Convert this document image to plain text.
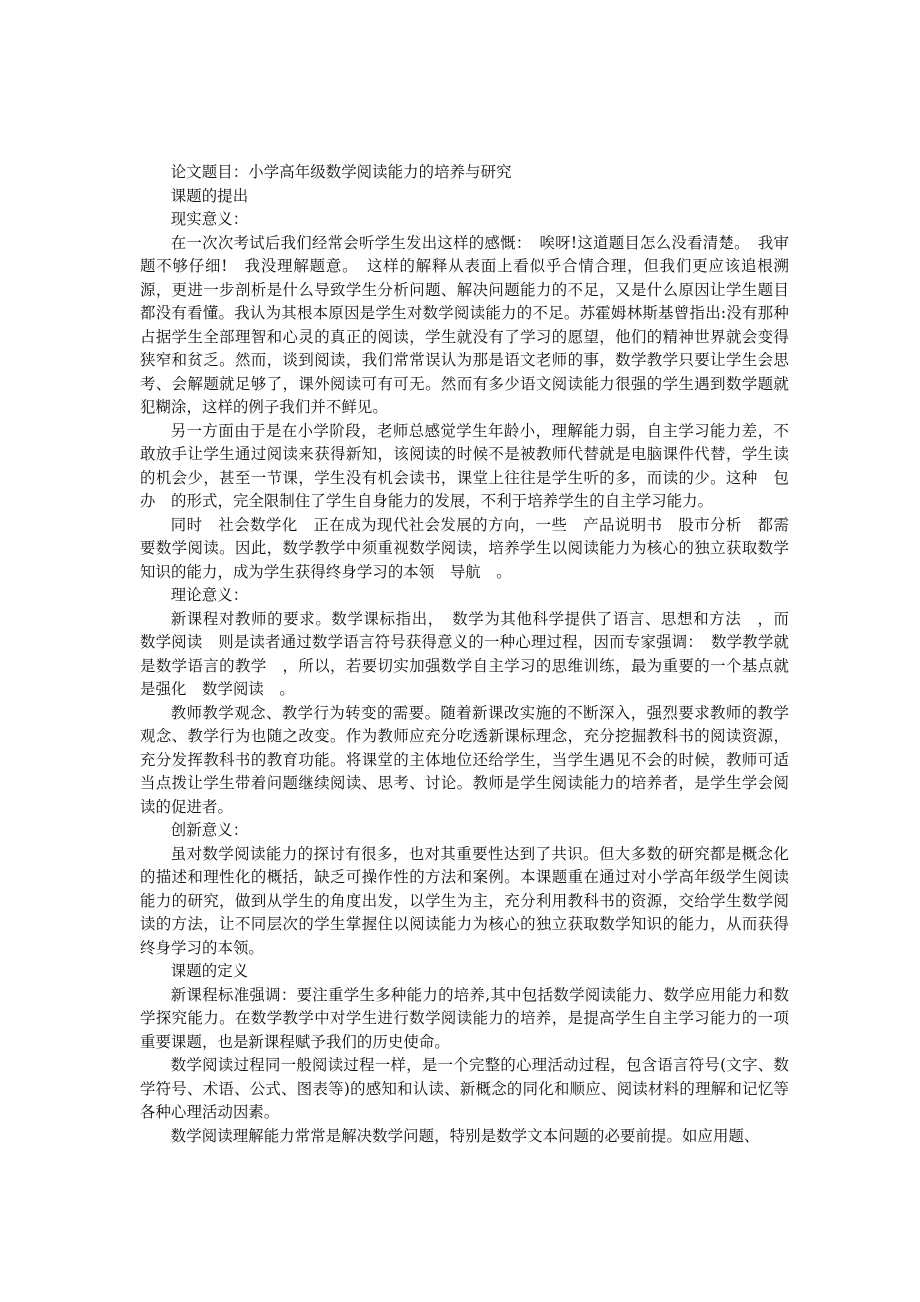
论文题目：小学高年级数学阅读能力的培养与研究

课题的提出

现实意义：

在一次次考试后我们经常会听学生发出这样的感慨：　唉呀!这道题目怎么没看清楚。　我审题不够仔细!　我没理解题意。　这样的解释从表面上看似乎合情合理，但我们更应该追根溯源，更进一步剖析是什么导致学生分析问题、解决问题能力的不足，又是什么原因让学生题目都没有看懂。我认为其根本原因是学生对数学阅读能力的不足。苏霍姆林斯基曾指出:没有那种占据学生全部理智和心灵的真正的阅读，学生就没有了学习的愿望，他们的精神世界就会变得狭窄和贫乏。然而，谈到阅读，我们常常误认为那是语文老师的事，数学教学只要让学生会思考、会解题就足够了，课外阅读可有可无。然而有多少语文阅读能力很强的学生遇到数学题就犯糊涂，这样的例子我们并不鲜见。

另一方面由于是在小学阶段，老师总感觉学生年龄小，理解能力弱，自主学习能力差，不敢放手让学生通过阅读来获得新知，该阅读的时候不是被教师代替就是电脑课件代替，学生读的机会少，甚至一节课，学生没有机会读书，课堂上往往是学生听的多，而读的少。这种　包办　的形式，完全限制住了学生自身能力的发展，不利于培养学生的自主学习能力。

同时　社会数学化　正在成为现代社会发展的方向，一些　产品说明书　股市分析　都需要数学阅读。因此，数学教学中须重视数学阅读，培养学生以阅读能力为核心的独立获取数学知识的能力，成为学生获得终身学习的本领　导航　。

理论意义：

新课程对教师的要求。数学课标指出，　数学为其他科学提供了语言、思想和方法　，而　数学阅读　则是读者通过数学语言符号获得意义的一种心理过程，因而专家强调：　数学教学就是数学语言的教学　，所以，若要切实加强数学自主学习的思维训练，最为重要的一个基点就是强化　数学阅读　。

教师教学观念、教学行为转变的需要。随着新课改实施的不断深入，强烈要求教师的教学观念、教学行为也随之改变。作为教师应充分吃透新课标理念，充分挖掘教科书的阅读资源，充分发挥教科书的教育功能。将课堂的主体地位还给学生，当学生遇见不会的时候，教师可适当点拨让学生带着问题继续阅读、思考、讨论。教师是学生阅读能力的培养者，是学生学会阅读的促进者。

创新意义：

虽对数学阅读能力的探讨有很多，也对其重要性达到了共识。但大多数的研究都是概念化的描述和理性化的概括，缺乏可操作性的方法和案例。本课题重在通过对小学高年级学生阅读能力的研究，做到从学生的角度出发，以学生为主，充分利用教科书的资源，交给学生数学阅读的方法，让不同层次的学生掌握住以阅读能力为核心的独立获取数学知识的能力，从而获得终身学习的本领。

课题的定义

新课程标准强调：要注重学生多种能力的培养,其中包括数学阅读能力、数学应用能力和数学探究能力。在数学教学中对学生进行数学阅读能力的培养，是提高学生自主学习能力的一项重要课题，也是新课程赋予我们的历史使命。

数学阅读过程同一般阅读过程一样，是一个完整的心理活动过程，包含语言符号(文字、数学符号、术语、公式、图表等)的感知和认读、新概念的同化和顺应、阅读材料的理解和记忆等各种心理活动因素。

数学阅读理解能力常常是解决数学问题，特别是数学文本问题的必要前提。如应用题、
